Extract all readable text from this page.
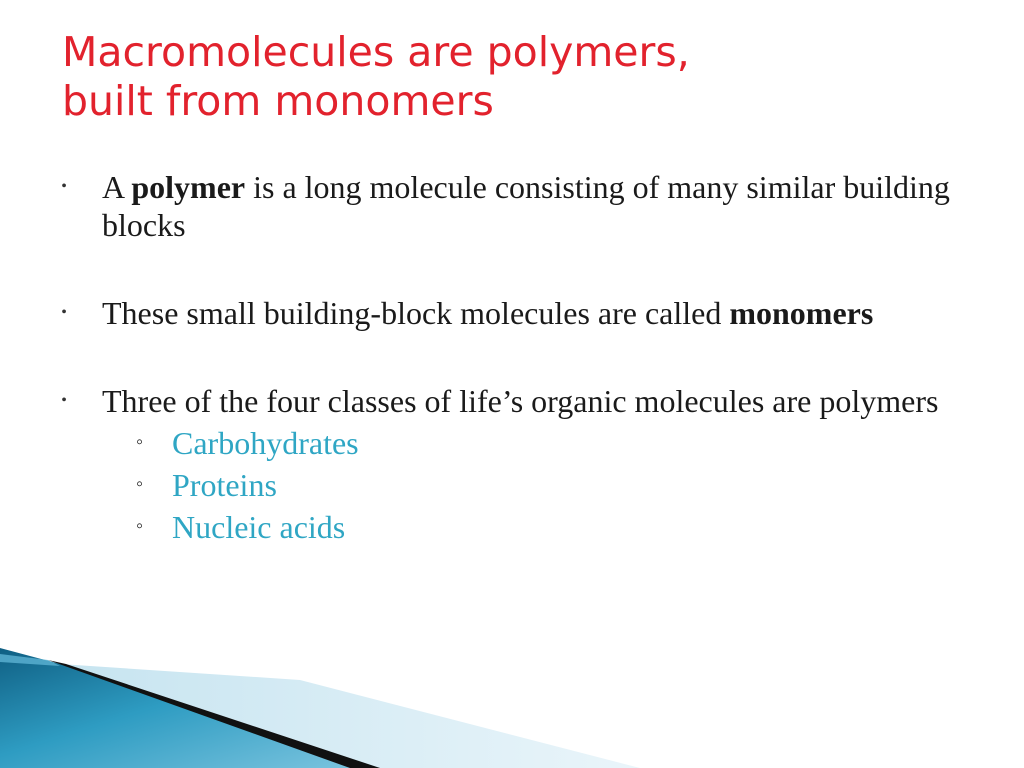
Macromolecules are polymers,
built from monomers
• A polymer is a long molecule consisting of many similar building blocks
• These small building-block molecules are called monomers
• Three of the four classes of life’s organic molecules are polymers
◦ Carbohydrates
◦ Proteins
◦ Nucleic acids
